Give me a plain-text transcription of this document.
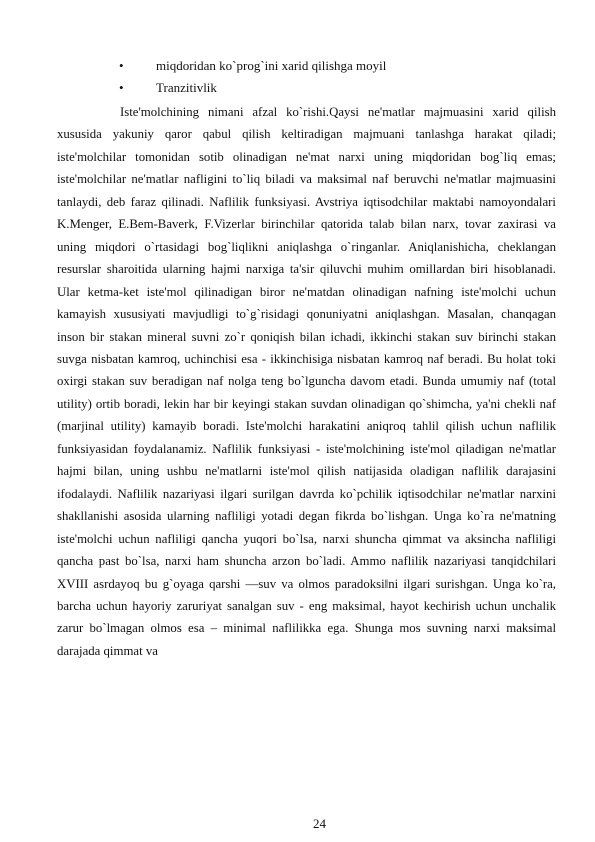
• miqdoridan ko`prog`ini xarid qilishga moyil
• Tranzitivlik

Iste'molchining nimani afzal ko`rishi.Qaysi ne'matlar majmuasini xarid qilish xususida yakuniy qaror qabul qilish keltiradigan majmuani tanlashga harakat qiladi; iste'molchilar tomonidan sotib olinadigan ne'mat narxi uning miqdoridan bog`liq emas; iste'molchilar ne'matlar nafligini to`liq biladi va maksimal naf beruvchi ne'matlar majmuasini tanlaydi, deb faraz qilinadi. Naflilik funksiyasi. Avstriya iqtisodchilar maktabi namoyondalari K.Menger, E.Bem-Baverk, F.Vizerlar birinchilar qatorida talab bilan narx, tovar zaxirasi va uning miqdori o`rtasidagi bog`liqlikni aniqlashga o`ringanlar. Aniqlanishicha, cheklangan resurslar sharoitida ularning hajmi narxiga ta'sir qiluvchi muhim omillardan biri hisoblanadi. Ular ketma-ket iste'mol qilinadigan biror ne'matdan olinadigan nafning iste'molchi uchun kamayish xususiyati mavjudligi to`g`risidagi qonuniyatni aniqlashgan. Masalan, chanqagan inson bir stakan mineral suvni zo`r qoniqish bilan ichadi, ikkinchi stakan suv birinchi stakan suvga nisbatan kamroq, uchinchisi esa - ikkinchisiga nisbatan kamroq naf beradi. Bu holat toki oxirgi stakan suv beradigan naf nolga teng bo`lguncha davom etadi. Bunda umumiy naf (total utility) ortib boradi, lekin har bir keyingi stakan suvdan olinadigan qo`shimcha, ya'ni chekli naf (marjinal utility) kamayib boradi. Iste'molchi harakatini aniqroq tahlil qilish uchun naflilik funksiyasidan foydalanamiz. Naflilik funksiyasi - iste'molchining iste'mol qiladigan ne'matlar hajmi bilan, uning ushbu ne'matlarni iste'mol qilish natijasida oladigan naflilik darajasini ifodalaydi. Naflilik nazariyasi ilgari surilgan davrda ko`pchilik iqtisodchilar ne'matlar narxini shakllanishi asosida ularning nafliligi yotadi degan fikrda bo`lishgan. Unga ko`ra ne'matning iste'molchi uchun nafliligi qancha yuqori bo`lsa, narxi shuncha qimmat va aksincha nafliligi qancha past bo`lsa, narxi ham shuncha arzon bo`ladi. Ammo naflilik nazariyasi tanqidchilari XVIII asrdayoq bu g`oyaga qarshi —suv va olmos paradoksi‖ni ilgari surishgan. Unga ko`ra, barcha uchun hayoriy zaruriyat sanalgan suv - eng maksimal, hayot kechirish uchun unchalik zarur bo`lmagan olmos esa – minimal naflilikka ega. Shunga mos suvning narxi maksimal darajada qimmat va

24
